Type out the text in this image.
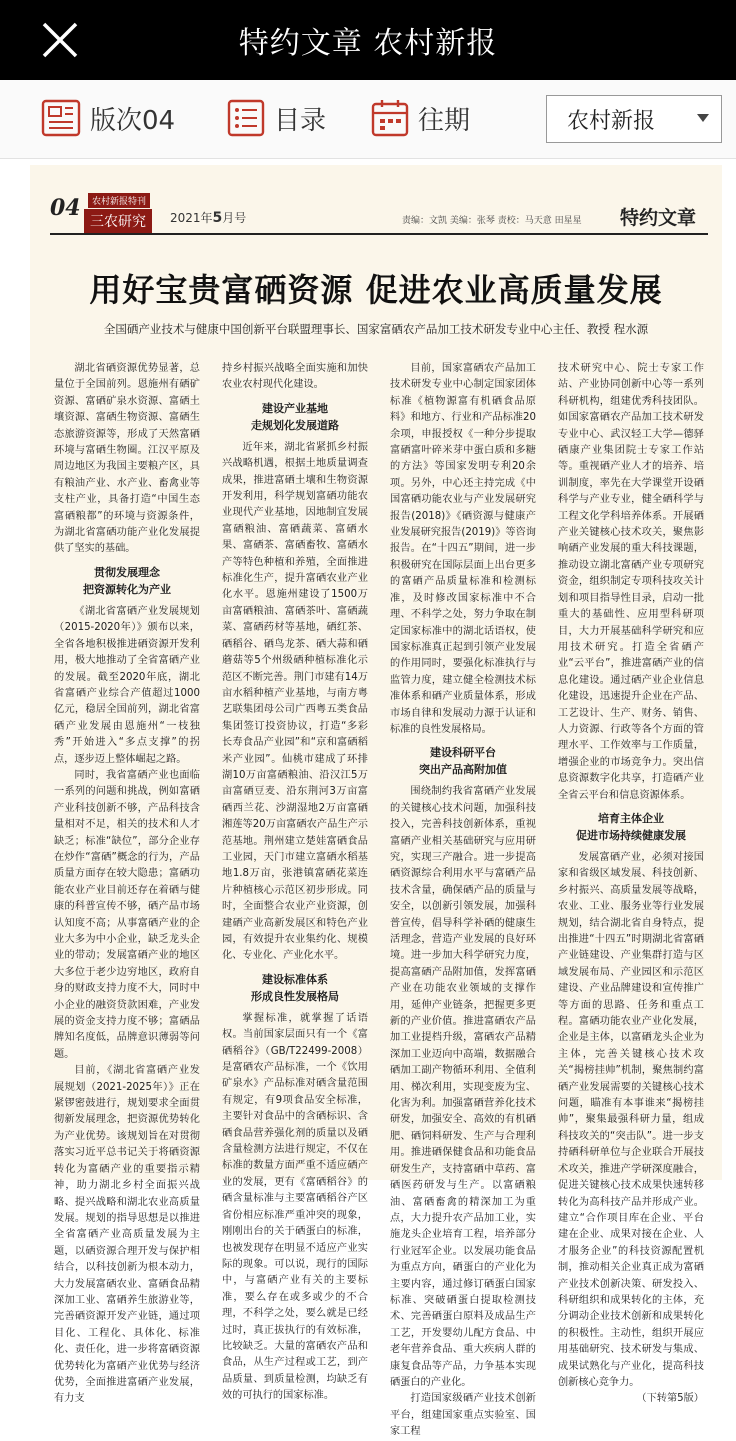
特约文章 农村新报
版次04	目录	往期	农村新报
04	农村新报特刊
三农研究	2021年5月号	责编：文凯 美编：张琴 责校：马天意 田星星 特约文章
用好宝贵富硒资源 促进农业高质量发展
全国硒产业技术与健康中国创新平台联盟理事长、国家富硒农产品加工技术研发专业中心主任、教授 程水源

湖北省硒资源优势显著，总量位于全国前列。恩施州有硒矿资源、富硒矿泉水资源、富硒土壤资源、富硒生物资源、富硒生态旅游资源等，形成了天然富硒环境与富硒生物圈。江汉平原及周边地区为我国主要粮产区，具有粮油产业、水产业、畜禽业等支柱产业，具备打造“中国生态富硒粮都”的环境与资源条件，为湖北省富硒功能产业化发展提供了坚实的基础。

贯彻发展理念

把资源转化为产业

《湖北省富硒产业发展规划（2015-2020年）》颁布以来，全省各地积极推进硒资源开发利用，极大地推动了全省富硒产业的发展。截至2020年底，湖北省富硒产业综合产值超过1000亿元，稳居全国前列，湖北省富硒产业发展由恩施州“一枝独秀”开始进入“多点支撑”的拐点，逐步迈上整体崛起之路。

同时，我省富硒产业也面临一系列的问题和挑战，例如富硒产业科技创新不够，产品科技含量相对不足，相关的技术和人才缺乏；标准“缺位”，部分企业存在炒作“富硒”概念的行为，产品质量方面存在较大隐患；富硒功能农业产业目前还存在着硒与健康的科普宣传不够，硒产品市场认知度不高；从事富硒产业的企业大多为中小企业，缺乏龙头企业的带动；发展富硒产业的地区大多位于老少边穷地区，政府自身的财政支持力度不大，同时中小企业的融资贷款困难，产业发展的资金支持力度不够；富硒品牌知名度低，品牌意识薄弱等问题。

目前，《湖北省富硒产业发展规划（2021-2025年）》正在紧锣密鼓进行，规划要求全面贯彻新发展理念，把资源优势转化为产业优势。该规划旨在对贯彻落实习近平总书记关于将硒资源转化为富硒产业的重要指示精神，助力湖北乡村全面振兴战略、提兴战略和湖北农业高质量发展。规划的指导思想是以推进全省富硒产业高质量发展为主题，以硒资源合理开发与保护相结合，以科技创新为根本动力，大力发展富硒农业、富硒食品精深加工业、富硒养生旅游业等，完善硒资源开发产业链，通过项目化、工程化、具体化、标准化、责任化，进一步将富硒资源优势转化为富硒产业优势与经济优势，全面推进富硒产业发展，有力支

持乡村振兴战略全面实施和加快农业农村现代化建设。

建设产业基地

走规划化发展道路

近年来，湖北省紧抓乡村振兴战略机遇，根据土地质量调查成果，推进富硒土壤和生物资源开发利用，科学规划富硒功能农业现代产业基地，因地制宜发展富硒粮油、富硒蔬菜、富硒水果、富硒茶、富硒畜牧、富硒水产等特色种植和养殖，全面推进标准化生产，提升富硒农业产业化水平。恩施州建设了1500万亩富硒粮油、富硒茶叶、富硒蔬菜、富硒药材等基地，硒红茶、硒稻谷、硒鸟龙茶、硒大蒜和硒蘑菇等5个州级硒种植标准化示范区不断完善。荆门市建有14万亩水稻种植产业基地，与南方粤艺联集团母公司广西粤五类食品集团签订投资协议，打造“多彩长寿食品产业园”和“京和富硒稻米产业园”。仙桃市建成了环排湖10万亩富硒粮油、沿汉江5万亩富硒豆麦、沿东荆河3万亩富硒西兰花、沙湖湿地2万亩富硒湘莲等20万亩富硒农产品生产示范基地。荆州建立楚娃富硒食品工业园，天门市建立富硒水稻基地1.8万亩，张港镇富硒花菜连片种植核心示范区初步形成。同时，全面整合农业产业资源，创建硒产业高新发展区和特色产业园，有效提升农业集约化、规模化、专业化、产业化水平。

建设标准体系

形成良性发展格局

掌握标准，就掌握了话语权。当前国家层面只有一个《富硒稻谷》（GB/T22499-2008）是富硒农产品标准，一个《饮用矿泉水》产品标准对硒含量范围有规定，有9项食品安全标准，主要针对食品中的含硒标识、含硒食品营养强化剂的质量以及硒含量检测方法进行规定，不仅在标准的数量方面严重不适应硒产业的发展，更有《富硒稻谷》的硒含量标准与主要富硒稻谷产区省份相应标准严重冲突的现象，刚刚出台的关于硒蛋白的标准，也被发现存在明显不适应产业实际的现象。可以说，现行的国际中，与富硒产业有关的主要标准，要么存在或多或少的不合理，不科学之处，要么就是已经过时，真正拔执行的有效标准，比较缺乏。大量的富硒农产品和食品，从生产过程或工艺，到产品质量、到质量检测，均缺乏有效的可执行的国家标准。

目前，国家富硒农产品加工技术研发专业中心制定国家团体标准《植物源富有机硒食品原料》和地方、行业和产品标准20余项，申报授权《一种分步提取富硒富叶碎米芽中蛋白质和多糖的方法》等国家发明专利20余项。另外，中心还主持完成《中国富硒功能农业与产业发展研究报告(2018)》《硒资源与健康产业发展研究报告(2019)》等咨询报告。在“十四五”期间，进一步积极研究在国际层面上出台更多的富硒产品质量标准和检测标准，及时修改国家标准中不合理、不科学之处，努力争取在制定国家标准中的湖北话语权，使国家标准真正起到引领产业发展的作用同时，要强化标准执行与监管力度，建立健全检测技术标准体系和硒产业质量体系，形成市场自律和发展动力源于认证和标准的良性发展格局。

建设科研平台

突出产品高附加值

围绕制约我省富硒产业发展的关键核心技术问题，加强科技投入，完善科技创新体系，重视富硒产业相关基础研究与应用研究，实现三产融合。进一步提高硒资源综合利用水平与富硒产品技术含量，确保硒产品的质量与安全，以创新引领发展，加强科普宣传，倡导科学补硒的健康生活理念，营造产业发展的良好环境。进一步加大科学研究力度，提高富硒产品附加值，发挥富硒产业在功能农业领域的支撑作用，延伸产业链条，把握更多更新的产业价值。推进富硒农产品加工业提档升级，富硒农产品精深加工业迈向中高端，数据融合硒加工副产物循环利用、全值利用、梯次利用，实现变废为宝、化害为利。加强富硒营养化技术研发，加强安全、高效的有机硒肥、硒饲料研发、生产与合理利用。推进硒保健食品和功能食品研发生产，支持富硒中草药、富硒医药研发与生产。以富硒粮油、富硒畜禽的精深加工为重点，大力提升农产品加工业，实施龙头企业培育工程，培养部分行业冠军企业。以发展功能食品为重点方向，硒蛋白的产业化为主要内容，通过修订硒蛋白国家标准、突破硒蛋白提取检测技术、完善硒蛋白原料及成品生产工艺，开发婴幼儿配方食品、中老年营养食品、重大疾病人群的康复食品等产品，力争基本实现硒蛋白的产业化。

打造国家级硒产业技术创新平台，组建国家重点实验室、国家工程

技术研究中心、院士专家工作站、产业协同创新中心等一系列科研机构，组建优秀科技团队。如国家富硒农产品加工技术研发专业中心、武汉轻工大学—德驿硒康产业集团院士专家工作站等。重视硒产业人才的培养、培训制度，率先在大学课堂开设硒科学与产业专业，健全硒科学与工程文化学科培养体系。开展硒产业关键核心技术攻关，聚焦影响硒产业发展的重大科技课题，推动设立湖北富硒产业专项研究资金，组织制定专项科技攻关计划和项目指导性目录，启动一批重大的基础性、应用型科研项目，大力开展基础科学研究和应用技术研究。打造全省硒产业“云平台”，推进富硒产业的信息化建设。通过硒产业企业信息化建设，迅速提升企业在产品、工艺设计、生产、财务、销售、人力资源、行政等各个方面的管理水平、工作效率与工作质量，增强企业的市场竞争力。突出信息资源数字化共享，打造硒产业全省云平台和信息资源体系。

培育主体企业

促进市场持续健康发展

发展富硒产业，必须对接国家和省级区域发展、科技创新、乡村振兴、高质量发展等战略，农业、工业、服务业等行业发展规划，结合湖北省自身特点，提出推进“十四五”时期湖北省富硒产业链建设、产业集群打造与区域发展布局、产业园区和示范区建设、产业品牌建设和宣传推广等方面的思路、任务和重点工程。富硒功能农业产业化发展，企业是主体，以富硒龙头企业为主体，完善关键核心技术攻关“揭榜挂帅”机制，聚焦制约富硒产业发展需要的关键核心技术问题，瞄准有本事谁来“揭榜挂帅”，聚集最强科研力量，组成科技攻关的“突击队”。进一步支持硒科研单位与企业联合开展技术攻关，推进产学研深度融合，促进关键核心技术成果快速转移转化为高科技产品并形成产业。建立“合作项目库在企业、平台建在企业、成果对接在企业、人才服务企业”的科技资源配置机制，推动相关企业真正成为富硒产业技术创新决策、研发投入、科研组织和成果转化的主体，充分调动企业技术创新和成果转化的积极性。主动性，组织开展应用基础研究、技术研发与集成、成果试熟化与产业化，提高科技创新核心竞争力。

（下转第5版）
